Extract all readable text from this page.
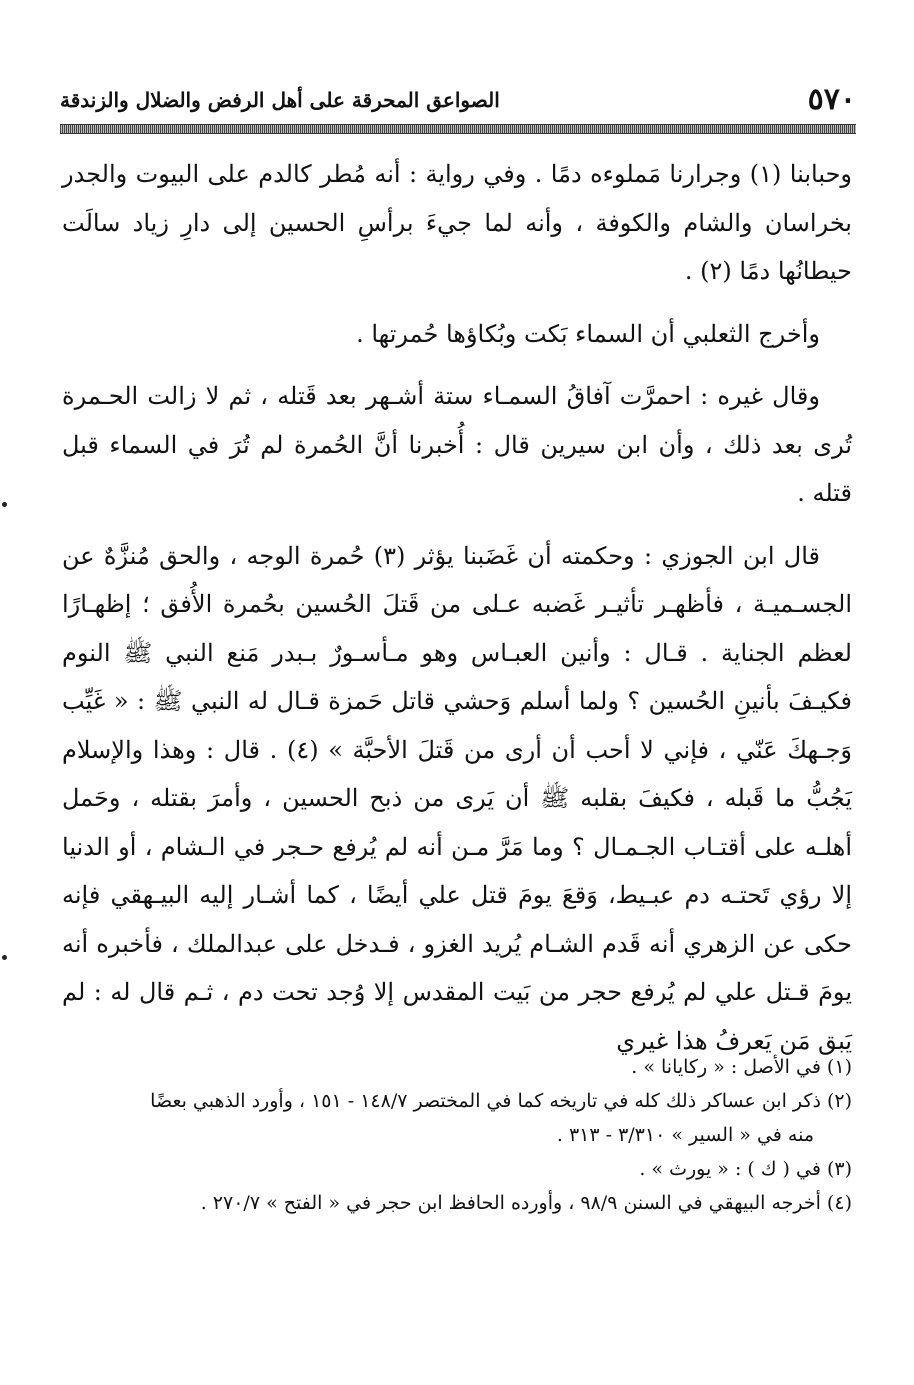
٥٧٠
الصواعق المحرقة على أهل الرفض والضلال والزندقة

وحبابنا (١) وجرارنا مَملوءه دمًا . وفي رواية : أنه مُطر كالدم على البيوت والجدر بخراسان والشام والكوفة ، وأنه لما جيءَ برأسِ الحسين إلى دارِ زياد سالَت حيطانُها دمًا (٢) .

وأخرج الثعلبي أن السماء بَكت وبُكاؤها حُمرتها .

وقال غيره : احمرَّت آفاقُ السمـاء ستة أشـهر بعد قَتله ، ثم لا زالت الحـمرة تُرى بعد ذلك ، وأن ابن سيرين قال : أُخبرنا أنَّ الحُمرة لم تُرَ في السماء قبل قتله .

قال ابن الجوزي : وحكمته أن غَضَبنا يؤثر (٣) حُمرة الوجه ، والحق مُنزَّهٌ عن الجسـميـة ، فأظهـر تأثيـر غَضبه عـلى من قَتلَ الحُسين بحُمرة الأُفق ؛ إظهـارًا لعظم الجناية . قـال : وأنين العبـاس وهو مـأسـورٌ بـبدر مَنع النبي ﷺ النوم فكيـفَ بأنينِ الحُسين ؟ ولما أسلم وَحشي قاتل حَمزة قـال له النبي ﷺ : « غَيِّب وَجـهكَ عَنّي ، فإني لا أحب أن أرى من قَتلَ الأحبَّة » (٤) . قال : وهذا والإسلام يَجُبُّ ما قَبله ، فكيفَ بقلبه ﷺ أن يَرى من ذبح الحسين ، وأمرَ بقتله ، وحَمل أهلـه على أقتـاب الجـمـال ؟ وما مَرَّ مـن أنه لم يُرفع حـجر في الـشام ، أو الدنيا إلا رؤي تَحتـه دم عبـيط، وَقعَ يومَ قتل علي أيضًا ، كما أشـار إليه البيـهقي فإنه حكى عن الزهري أنه قَدم الشـام يُريد الغزو ، فـدخل على عبدالملك ، فأخبره أنه يومَ قـتل علي لم يُرفع حجر من بَيت المقدس إلا وُجد تحت دم ، ثـم قال له : لم يَبق مَن يَعرفُ هذا غيري

(١) في الأصل : « ركايانا » .

(٢) ذكر ابن عساكر ذلك كله في تاريخه كما في المختصر ١٤٨/٧ - ١٥١ ، وأورد الذهبي بعضًا

منه في « السير » ٣/٣١٠ - ٣١٣ .

(٣) في ( ك ) : « يورث » .

(٤) أخرجه البيهقي في السنن ٩٨/٩ ، وأورده الحافظ ابن حجر في « الفتح » ٢٧٠/٧ .
